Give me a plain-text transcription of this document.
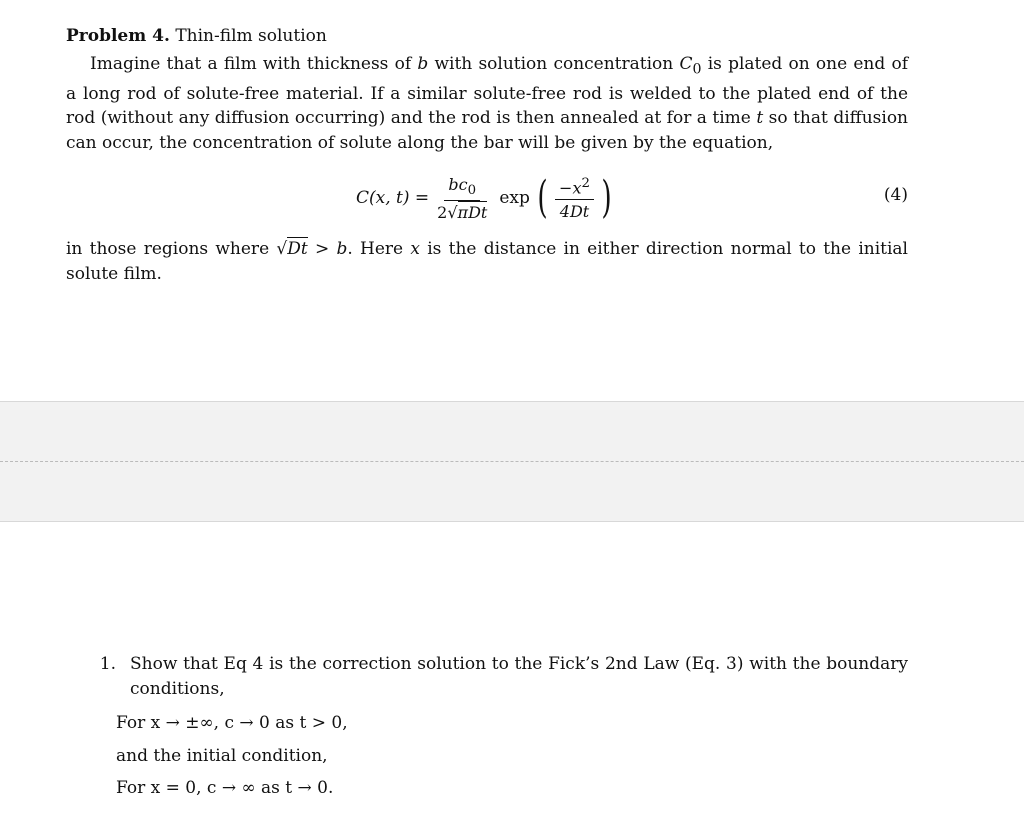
Problem 4. Thin-film solution

Imagine that a film with thickness of b with solution concentration $C_0$ is plated on one end of a long rod of solute-free material. If a similar solute-free rod is welded to the plated end of the rod (without any diffusion occurring) and the rod is then annealed at for a time t so that diffusion can occur, the concentration of solute along the bar will be given by the equation,

C(x, $t) = \frac{bc_0}{\text{2√πDt}}$ exp ( $\frac{-x^2}{4Dt}$ )	(4)

in those regions where √Dt > b. Here x is the distance in either direction normal to the initial solute film.

1. Show that Eq 4 is the correction solution to the Fick’s 2nd Law (Eq. 3) with the boundary conditions,
For x → ±∞, c → 0 as t > 0,
and the initial condition,
For x = 0, c → ∞ as t → 0.
